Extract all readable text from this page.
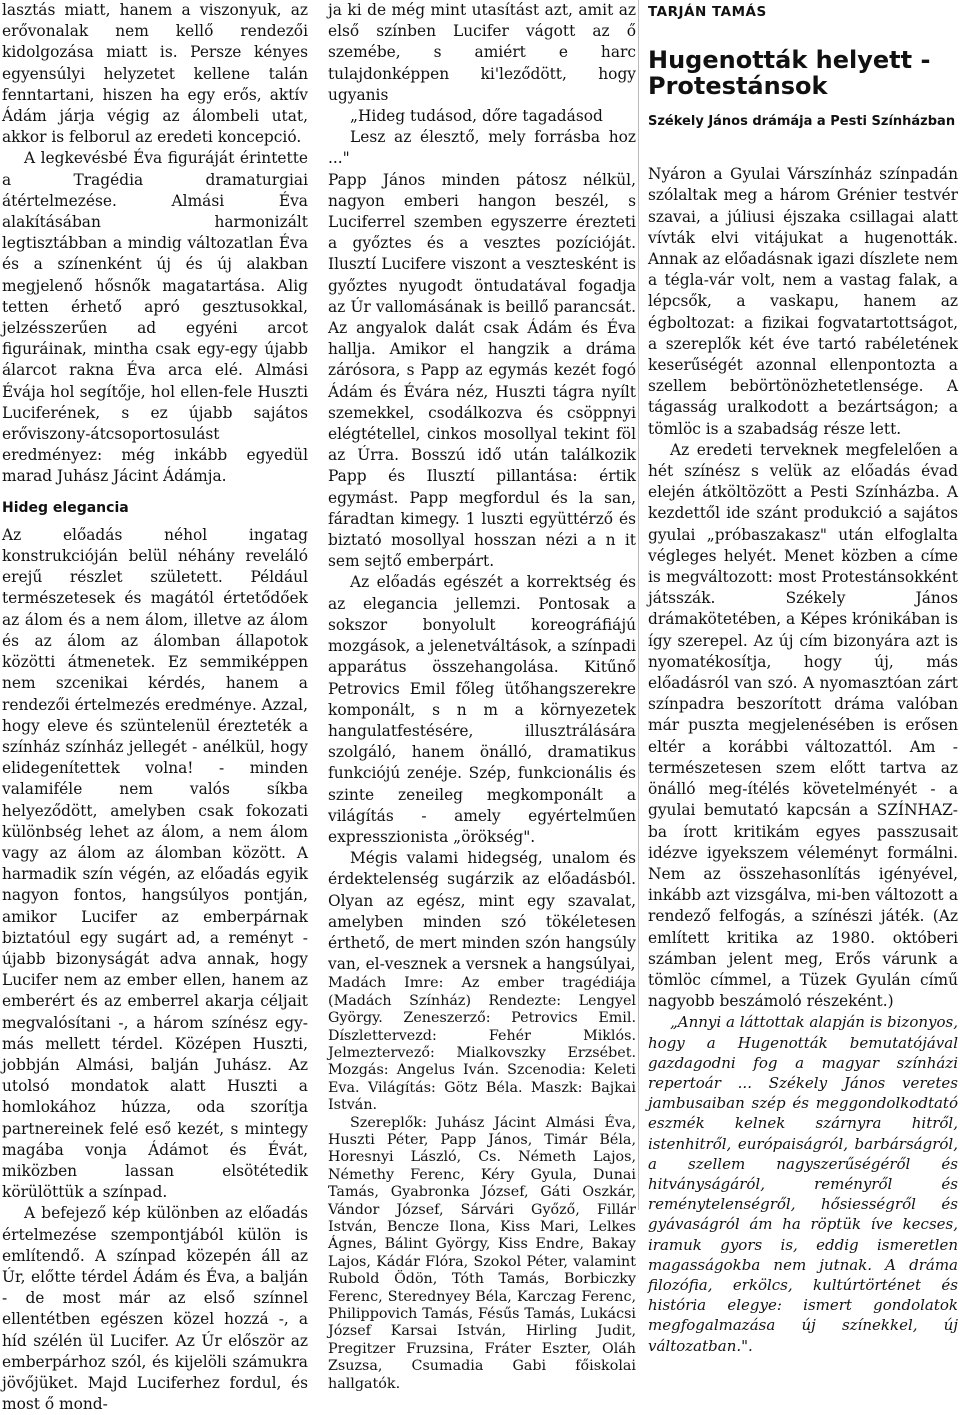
lasztás miatt, hanem a viszonyuk, az erővonalak nem kellő rendezői kidolgozása miatt is. Persze kényes egyensúlyi helyzetet kellene talán fenntartani, hiszen ha egy erős, aktív Ádám járja végig az álombeli utat, akkor is felborul az eredeti koncepció.

A legkevésbé Éva figuráját érintette a Tragédia dramaturgiai átértelmezése. Almási Éva alakításában harmonizált legtisztábban a mindig változatlan Éva és a színenként új és új alakban megjelenő hősnők magatartása. Alig tetten érhető apró gesztusokkal, jelzésszerűen ad egyéni arcot figuráinak, mintha csak egy-egy újabb álarcot rakna Éva arca elé. Almási Évája hol segítője, hol ellen-fele Huszti Luciferének, s ez újabb sajátos erőviszony-átcsoportosulást eredményez: még inkább egyedül marad Juhász Jácint Ádámja.

Hideg elegancia

Az előadás néhol ingatag konstrukcióján belül néhány reveláló erejű részlet született. Például természetesek és magától értetődőek az álom és a nem álom, illetve az álom és az álom az álomban állapotok közötti átmenetek. Ez semmiképpen nem szcenikai kérdés, hanem a rendezői értelmezés eredménye. Azzal, hogy eleve és szüntelenül érezteték a színház színház jellegét - anélkül, hogy elidegenítettek volna! - minden valamiféle nem valós síkba helyeződött, amelyben csak fokozati különbség lehet az álom, a nem álom vagy az álom az álomban között. A harmadik szín végén, az előadás egyik nagyon fontos, hangsúlyos pontján, amikor Lucifer az emberpárnak biztatóul egy sugárt ad, a reményt - újabb bizonyságát adva annak, hogy Lucifer nem az ember ellen, hanem az emberért és az emberrel akarja céljait megvalósítani -, a három színész egy-más mellett térdel. Középen Huszti, jobbján Almási, balján Juhász. Az utolsó mondatok alatt Huszti a homlokához húzza, oda szorítja partnereinek felé eső kezét, s mintegy magába vonja Ádámot és Évát, miközben lassan elsötétedik körülöttük a színpad.

A befejező kép különben az előadás értelmezése szempontjából külön is említendő. A színpad közepén áll az Úr, előtte térdel Ádám és Éva, a balján - de most már az első színnel ellentétben egészen közel hozzá -, a híd szélén ül Lucifer. Az Úr először az emberpárhoz szól, és kijelöli számukra jövőjüket. Majd Luciferhez fordul, és most ő mond-

ja ki de még mint utasítást azt, amit az első színben Lucifer vágott az ő szemébe, s amiért e harc tulajdonképpen ki'leződött, hogy ugyanis

„Hideg tudásod, dőre tagadásod

Lesz az élesztő, mely forrásba hoz ..."

Papp János minden pátosz nélkül, nagyon emberi hangon beszél, s Luciferrel szemben egyszerre érezteti a győztes és a vesztes pozícióját. Ilusztí Lucifere viszont a vesztesként is győztes nyugodt öntudatával fogadja az Úr vallomásának is beillő parancsát. Az angyalok dalát csak Ádám és Éva hallja. Amikor el hangzik a dráma zárósora, s Papp az egymás kezét fogó Ádám és Évára néz, Huszti tágra nyílt szemekkel, csodálkozva és csöppnyi elégtétellel, cinkos mosollyal tekint föl az Úrra. Bosszú idő után találkozik Papp és Ilusztí pillantása: értik egymást. Papp megfordul és la san, fáradtan kimegy. 1 luszti együttérző és biztató mosollyal hosszan nézi a n it sem sejtő emberpárt.

Az előadás egészét a korrektség és az elegancia jellemzi. Pontosak a sokszor bonyolult koreográfiájú mozgások, a jelenetváltások, a színpadi apparátus összehangolása. Kitűnő Petrovics Emil főleg ütőhangszerekre komponált, s n m a környezetek hangulatfestésére, illusztrálására szolgáló, hanem önálló, dramatikus funkciójú zenéje. Szép, funkcionális és szinte zeneileg megkomponált a világítás - amely egyértelműen expresszionista „örökség".

Mégis valami hidegség, unalom és érdektelenség sugárzik az előadásból. Olyan az egész, mint egy szavalat, amelyben minden szó tökéletesen érthető, de mert minden szón hangsúly van, el-vesznek a versnek a hangsúlyai,

Madách Imre: Az ember tragédiája (Madách Színház) Rendezte: Lengyel György. Zeneszerző: Petrovics Emil. Díszlettervezd: Fehér Miklós. Jelmeztervező: Mialkovszky Erzsébet. Mozgás: Angelus Iván. Szcenodia: Keleti Eva. Világítás: Götz Béla. Maszk: Bajkai István.

Szereplők: Juhász Jácint Almási Éva, Huszti Péter, Papp János, Timár Béla, Horesnyi László, Cs. Németh Lajos, Némethy Ferenc, Kéry Gyula, Dunai Tamás, Gyabronka József, Gáti Oszkár, Vándor József, Sárvári Győző, Fillár István, Bencze Ilona, Kiss Mari, Lelkes Ágnes, Bálint György, Kiss Endre, Bakay Lajos, Kádár Flóra, Szokol Péter, valamint Rubold Ödön, Tóth Tamás, Borbiczky Ferenc, Sterednyey Béla, Karczag Ferenc, Philippovich Tamás, Fésűs Tamás, Lukácsi József Karsai István, Hirling Judit, Pregitzer Fruzsina, Fráter Eszter, Oláh Zsuzsa, Csumadia Gabi főiskolai hallgatók.

TARJÁN TAMÁS

Hugenották helyett - Protestánsok

Székely János drámája a Pesti Színházban

Nyáron a Gyulai Várszínház színpadán szólaltak meg a három Grénier testvér szavai, a júliusi éjszaka csillagai alatt vívták elvi vitájukat a hugenották. Annak az előadásnak igazi díszlete nem a tégla-vár volt, nem a vastag falak, a lépcsők, a vaskapu, hanem az égboltozat: a fizikai fogvatartottságot, a szereplők két éve tartó rabéletének keserűségét azonnal ellenpontozta a szellem bebörtönözhetetlensége. A tágasság uralkodott a bezártságon; a tömlöc is a szabadság része lett.

Az eredeti terveknek megfelelően a hét színész s velük az előadás évad elején átköltözött a Pesti Színházba. A kezdettől ide szánt produkció a sajátos gyulai „próbaszakasz" után elfoglalta végleges helyét. Menet közben a címe is megváltozott: most Protestánsokként játsszák. Székely János drámakötetében, a Képes krónikában is így szerepel. Az új cím bizonyára azt is nyomatékosítja, hogy új, más előadásról van szó. A nyomasztóan zárt színpadra beszorított dráma valóban már puszta megjelenésében is erősen eltér a korábbi változattól. Am - természetesen szem előtt tartva az önálló meg-ítélés követelményét - a gyulai bemutató kapcsán a SZÍNHAZ-ba írott kritikám egyes passzusait idézve igyekszem véleményt formálni. Nem az összehasonlítás igényével, inkább azt vizsgálva, mi-ben változott a rendező felfogás, a színészi játék. (Az említett kritika az 1980. októberi számban jelent meg, Erős várunk a tömlöc címmel, a Tüzek Gyulán című nagyobb beszámoló részeként.)

„Annyi a láttottak alapján is bizonyos, hogy a Hugenották bemutatójával gazdagodni fog a magyar színházi repertoár ... Székely János veretes jambusaiban szép és meggondolkodtató eszmék kelnek szárnyra hitről, istenhitről, európaiságról, barbárságról, a szellem nagyszerűségéről és hitványságáról, reményről és reménytelenségről, hősiességről és gyávaságról ám ha röptük íve kecses, iramuk gyors is, eddig ismeretlen magasságokba nem jutnak. A dráma filozófia, erkölcs, kultúrtörténet és história elegye: ismert gondolatok megfogalmazása új színekkel, új változatban.".
